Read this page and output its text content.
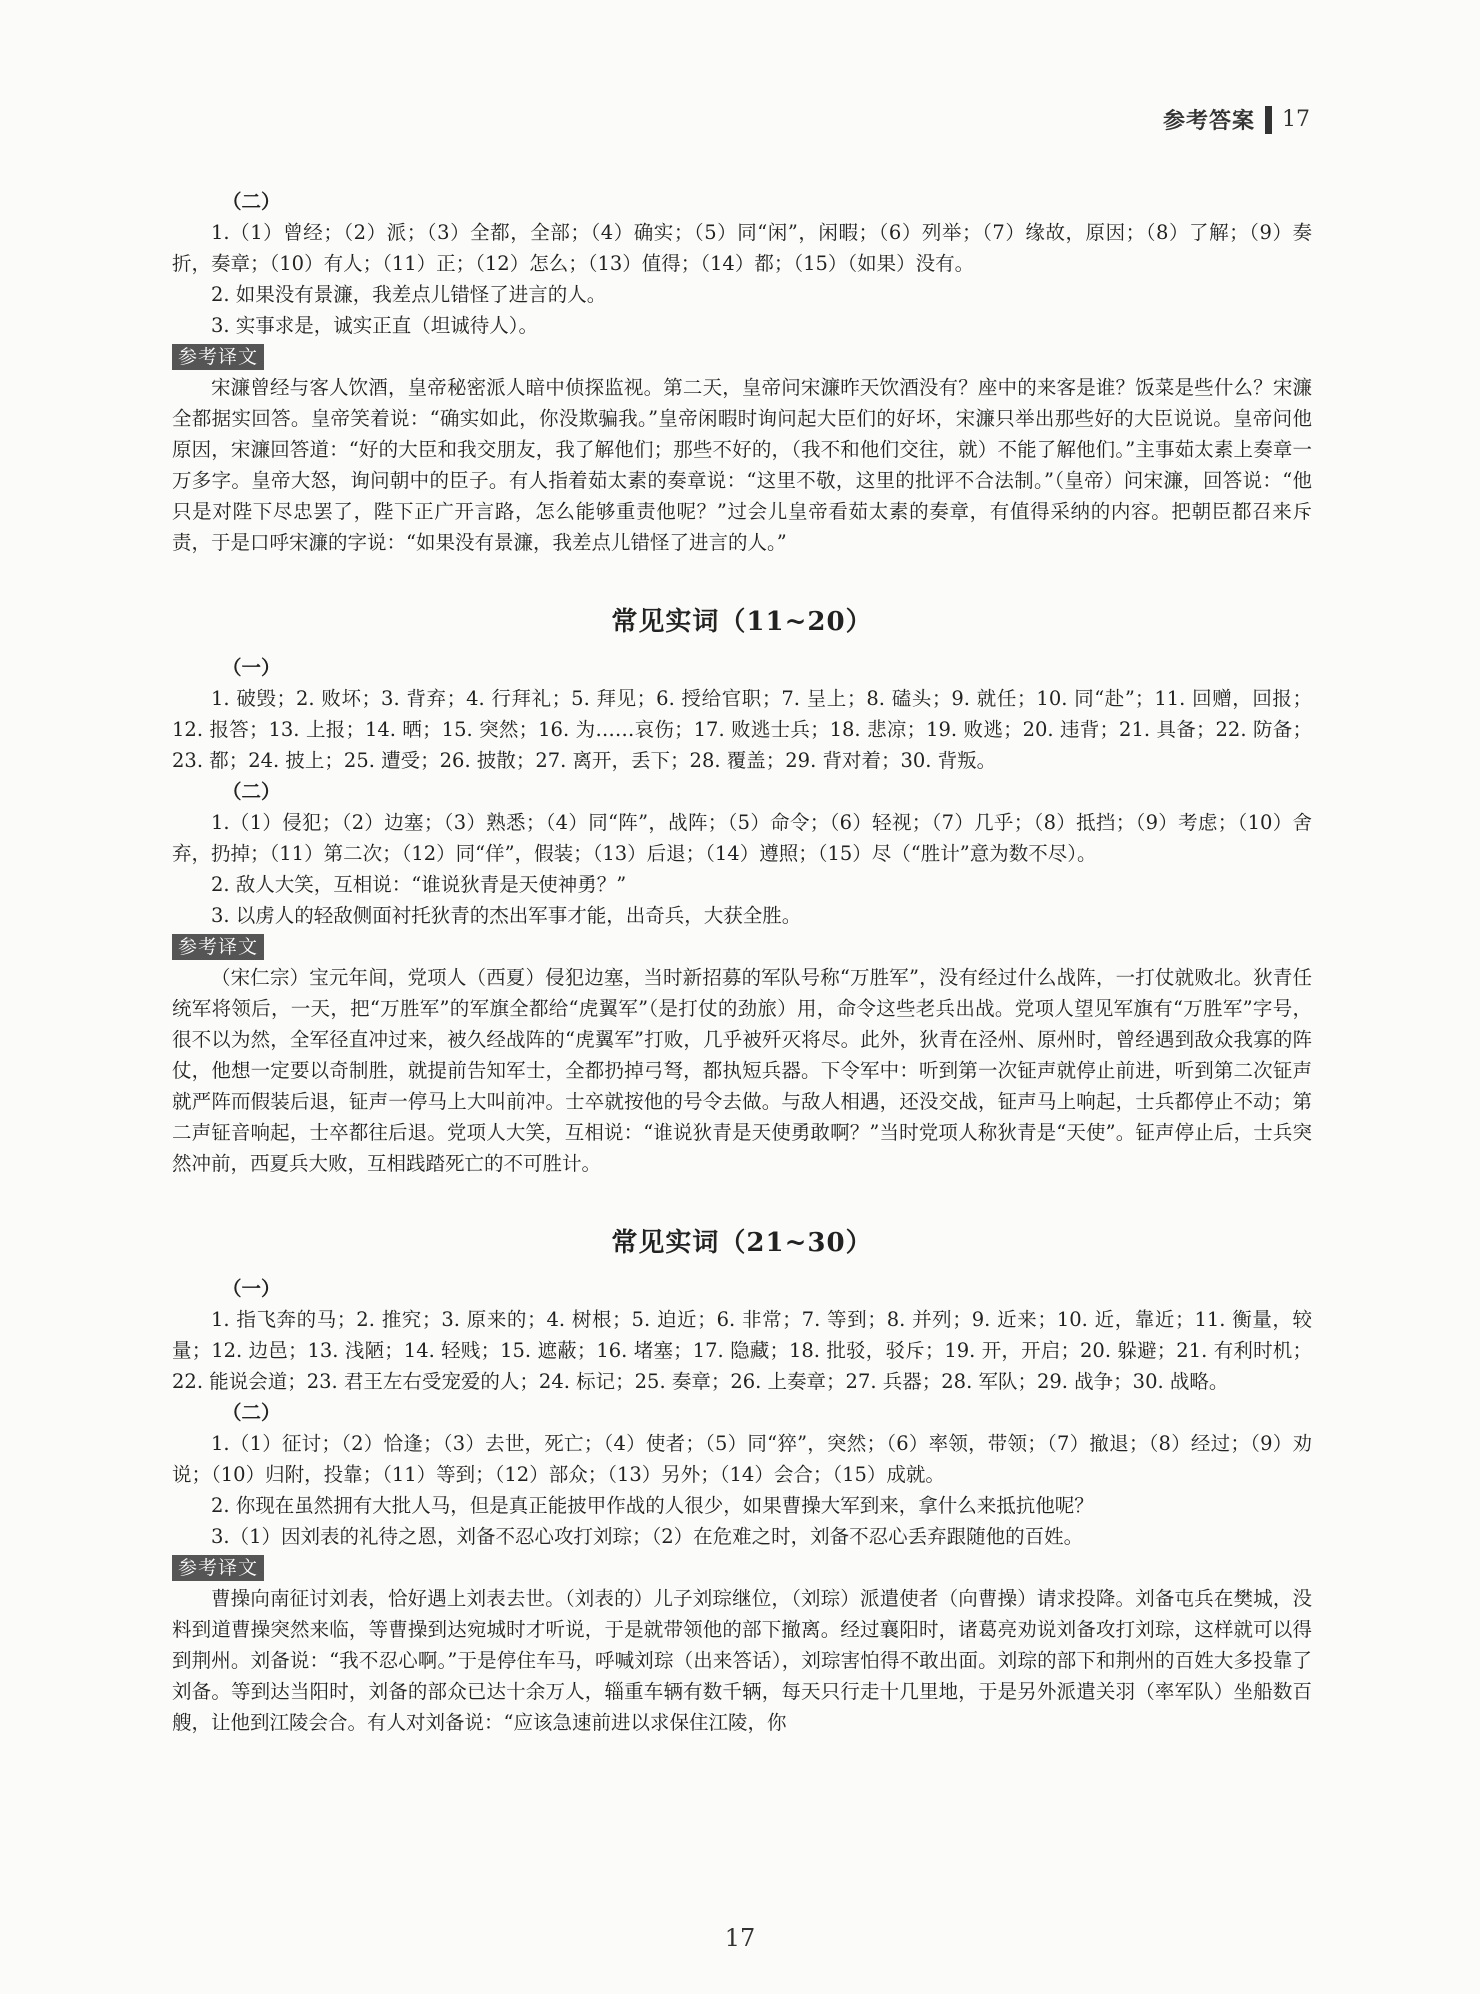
参考答案 17
（二）
1.（1）曾经；（2）派；（3）全都，全部；（4）确实；（5）同“闲”，闲暇；（6）列举；（7）缘故，原因；（8）了解；（9）奏折，奏章；（10）有人；（11）正；（12）怎么；（13）值得；（14）都；（15）（如果）没有。
2. 如果没有景濂，我差点儿错怪了进言的人。
3. 实事求是，诚实正直（坦诚待人）。
参考译文
宋濂曾经与客人饮酒，皇帝秘密派人暗中侦探监视。第二天，皇帝问宋濂昨天饮酒没有？座中的来客是谁？饭菜是些什么？宋濂全都据实回答。皇帝笑着说：“确实如此，你没欺骗我。”皇帝闲暇时询问起大臣们的好坏，宋濂只举出那些好的大臣说说。皇帝问他原因，宋濂回答道：“好的大臣和我交朋友，我了解他们；那些不好的，（我不和他们交往，就）不能了解他们。”主事茹太素上奏章一万多字。皇帝大怒，询问朝中的臣子。有人指着茹太素的奏章说：“这里不敬，这里的批评不合法制。”（皇帝）问宋濂，回答说：“他只是对陛下尽忠罢了，陛下正广开言路，怎么能够重责他呢？”过会儿皇帝看茹太素的奏章，有值得采纳的内容。把朝臣都召来斥责，于是口呼宋濂的字说：“如果没有景濂，我差点儿错怪了进言的人。”
常见实词（11~20）
（一）
1. 破毁；2. 败坏；3. 背弃；4. 行拜礼；5. 拜见；6. 授给官职；7. 呈上；8. 磕头；9. 就任；10. 同“赴”；11. 回赠，回报；12. 报答；13. 上报；14. 晒；15. 突然；16. 为……哀伤；17. 败逃士兵；18. 悲凉；19. 败逃；20. 违背；21. 具备；22. 防备；23. 都；24. 披上；25. 遭受；26. 披散；27. 离开，丢下；28. 覆盖；29. 背对着；30. 背叛。
（二）
1.（1）侵犯；（2）边塞；（3）熟悉；（4）同“阵”，战阵；（5）命令；（6）轻视；（7）几乎；（8）抵挡；（9）考虑；（10）舍弃，扔掉；（11）第二次；（12）同“佯”，假装；（13）后退；（14）遵照；（15）尽（“胜计”意为数不尽）。
2. 敌人大笑，互相说：“谁说狄青是天使神勇？”
3. 以虏人的轻敌侧面衬托狄青的杰出军事才能，出奇兵，大获全胜。
参考译文
（宋仁宗）宝元年间，党项人（西夏）侵犯边塞，当时新招募的军队号称“万胜军”，没有经过什么战阵，一打仗就败北。狄青任统军将领后，一天，把“万胜军”的军旗全都给“虎翼军”（是打仗的劲旅）用，命令这些老兵出战。党项人望见军旗有“万胜军”字号，很不以为然，全军径直冲过来，被久经战阵的“虎翼军”打败，几乎被歼灭将尽。此外，狄青在泾州、原州时，曾经遇到敌众我寡的阵仗，他想一定要以奇制胜，就提前告知军士，全都扔掉弓弩，都执短兵器。下令军中：听到第一次钲声就停止前进，听到第二次钲声就严阵而假装后退，钲声一停马上大叫前冲。士卒就按他的号令去做。与敌人相遇，还没交战，钲声马上响起，士兵都停止不动；第二声钲音响起，士卒都往后退。党项人大笑，互相说：“谁说狄青是天使勇敢啊？”当时党项人称狄青是“天使”。钲声停止后，士兵突然冲前，西夏兵大败，互相践踏死亡的不可胜计。
常见实词（21~30）
（一）
1. 指飞奔的马；2. 推究；3. 原来的；4. 树根；5. 迫近；6. 非常；7. 等到；8. 并列；9. 近来；10. 近，靠近；11. 衡量，较量；12. 边邑；13. 浅陋；14. 轻贱；15. 遮蔽；16. 堵塞；17. 隐藏；18. 批驳，驳斥；19. 开，开启；20. 躲避；21. 有利时机；22. 能说会道；23. 君王左右受宠爱的人；24. 标记；25. 奏章；26. 上奏章；27. 兵器；28. 军队；29. 战争；30. 战略。
（二）
1.（1）征讨；（2）恰逢；（3）去世，死亡；（4）使者；（5）同“猝”，突然；（6）率领，带领；（7）撤退；（8）经过；（9）劝说；（10）归附，投靠；（11）等到；（12）部众；（13）另外；（14）会合；（15）成就。
2. 你现在虽然拥有大批人马，但是真正能披甲作战的人很少，如果曹操大军到来，拿什么来抵抗他呢？
3.（1）因刘表的礼待之恩，刘备不忍心攻打刘琮；（2）在危难之时，刘备不忍心丢弃跟随他的百姓。
参考译文
曹操向南征讨刘表，恰好遇上刘表去世。（刘表的）儿子刘琮继位，（刘琮）派遣使者（向曹操）请求投降。刘备屯兵在樊城，没料到道曹操突然来临，等曹操到达宛城时才听说，于是就带领他的部下撤离。经过襄阳时，诸葛亮劝说刘备攻打刘琮，这样就可以得到荆州。刘备说：“我不忍心啊。”于是停住车马，呼喊刘琮（出来答话），刘琮害怕得不敢出面。刘琮的部下和荆州的百姓大多投靠了刘备。等到达当阳时，刘备的部众已达十余万人，辎重车辆有数千辆，每天只行走十几里地，于是另外派遣关羽（率军队）坐船数百艘，让他到江陵会合。有人对刘备说：“应该急速前进以求保住江陵，你
17
